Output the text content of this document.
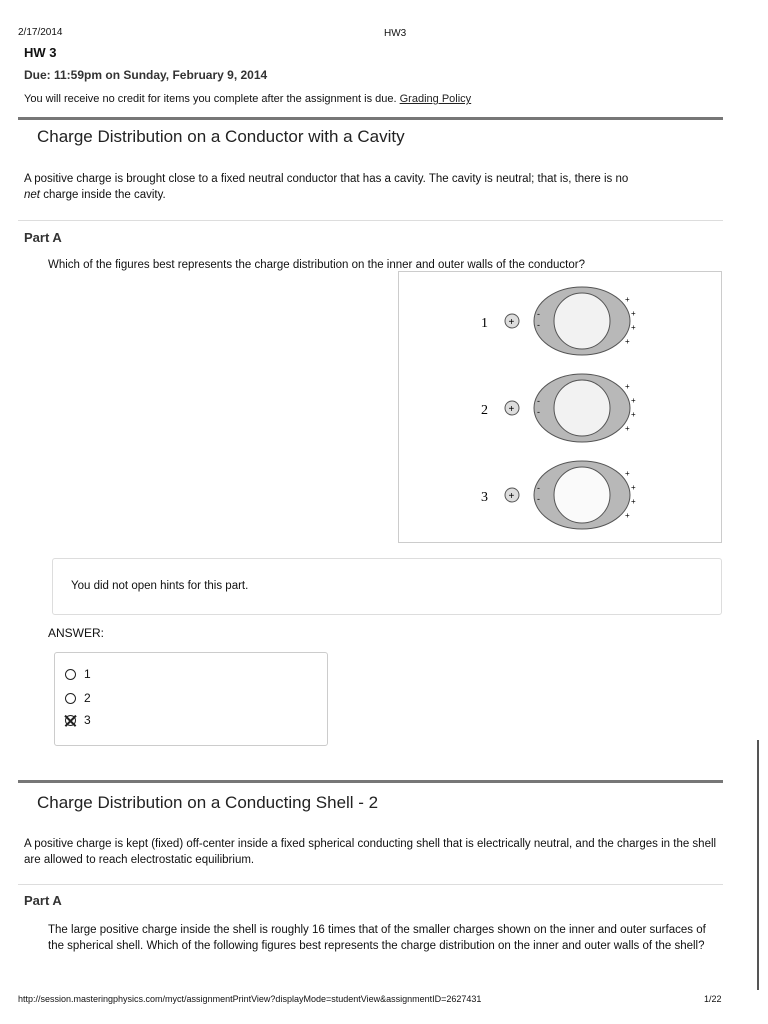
2/17/2014	HW3
HW 3
Due: 11:59pm on Sunday, February 9, 2014
You will receive no credit for items you complete after the assignment is due. Grading Policy
Charge Distribution on a Conductor with a Cavity
A positive charge is brought close to a fixed neutral conductor that has a cavity. The cavity is neutral; that is, there is no
net charge inside the cavity.
Part A
Which of the figures best represents the charge distribution on the inner and outer walls of the conductor?
1 +
+
+
+
+
-
-
2 +
+
+
+
+
-
-
3 +
+
+
+
+
-
-
You did not open hints for this part.
ANSWER:
1
2
3
Charge Distribution on a Conducting Shell - 2
A positive charge is kept (fixed) off-center inside a fixed spherical conducting shell that is electrically neutral, and the charges in the shell are allowed to reach electrostatic equilibrium.
Part A
The large positive charge inside the shell is roughly 16 times that of the smaller charges shown on the inner and outer surfaces of the spherical shell. Which of the following figures best represents the charge distribution on the inner and outer walls of the shell?
http://session.masteringphysics.com/myct/assignmentPrintView?displayMode=studentView&assignmentID=2627431	1/22
